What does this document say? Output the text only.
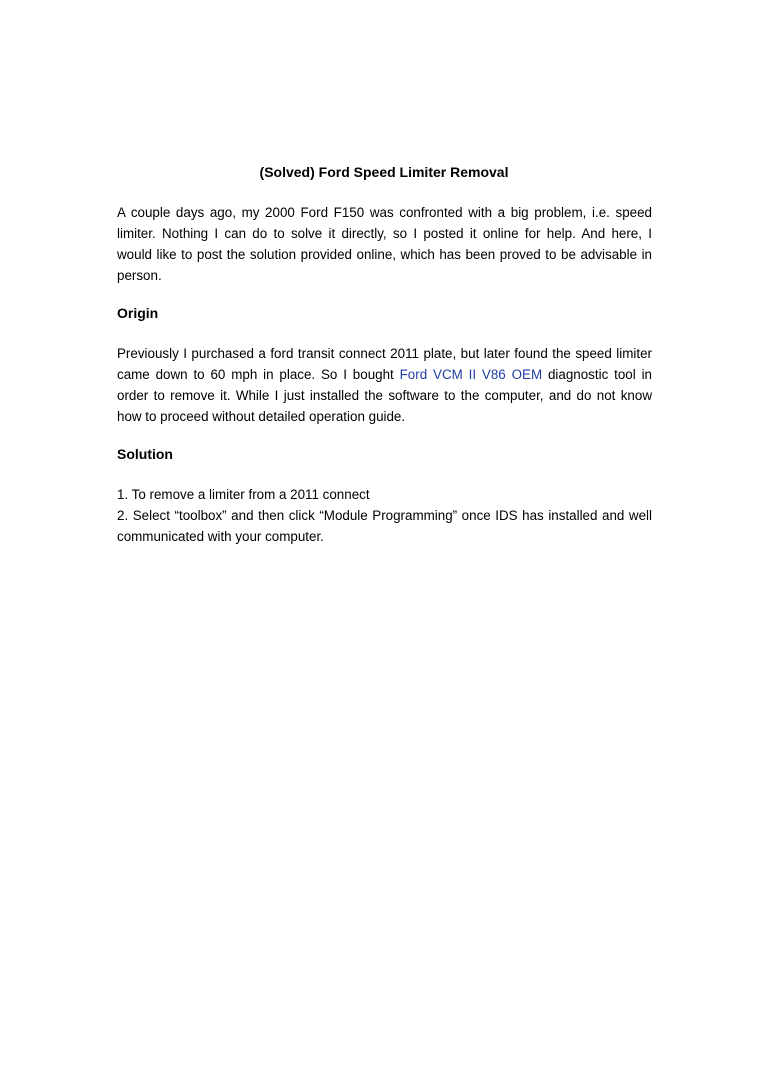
(Solved) Ford Speed Limiter Removal
A couple days ago, my 2000 Ford F150 was confronted with a big problem, i.e. speed
limiter. Nothing I can do to solve it directly, so I posted it online for help. And here, I
would like to post the solution provided online, which has been proved to be advisable in
person.
Origin
Previously I purchased a ford transit connect 2011 plate, but later found the speed limiter
came down to 60 mph in place. So I bought Ford VCM II V86 OEM diagnostic tool in
order to remove it. While I just installed the software to the computer, and do not know
how to proceed without detailed operation guide.
Solution
1. To remove a limiter from a 2011 connect
2. Select “toolbox” and then click “Module Programming” once IDS has installed and well
communicated with your computer.
